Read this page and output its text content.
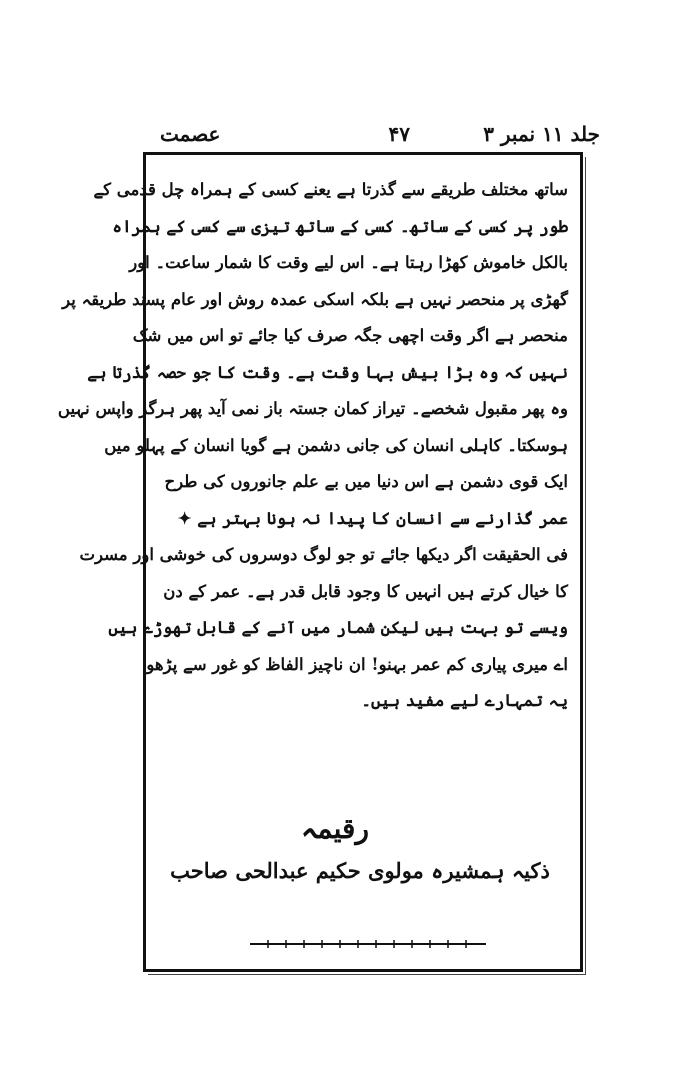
جلد ۱۱ نمبر ۳
۴۷
عصمت
ساتھ مختلف طریقے سے گذرتا ہے یعنے کسی کے ہمراہ چل قدمی کے
طور پر کسی کے ساتھ۔ کسی کے ساتھ تیزی سے کسی کے ہمراہ
بالکل خاموش کھڑا رہتا ہے۔ اس لیے وقت کا شمار ساعت۔ اور
گھڑی پر منحصر نہیں ہے بلکہ اسکی عمدہ روش اور عام پسند طریقہ پر
منحصر ہے اگر وقت اچھی جگہ صرف کیا جائے تو اس میں شک
نہیں کہ وہ بڑا بیش بہا وقت ہے۔ وقت کا جو حصہ گذرتا ہے
وہ پھر مقبول شخصے۔ تیراز کمان جستہ باز نمی آید پھر ہرگز واپس نہیں
ہوسکتا۔ کاہلی انسان کی جانی دشمن ہے گویا انسان کے پہلو میں
ایک قوی دشمن ہے اس دنیا میں بے علم جانوروں کی طرح
عمر گذارنے سے انسان کا پیدا نہ ہونا بہتر ہے ✦
فی الحقیقت اگر دیکھا جائے تو جو لوگ دوسروں کی خوشی اور مسرت
کا خیال کرتے ہیں انہیں کا وجود قابل قدر ہے۔ عمر کے دن
ویسے تو بہت ہیں لیکن شمار میں آنے کے قابل تھوڑے ہیں
اے میری پیاری کم عمر بہنو! ان ناچیز الفاظ کو غور سے پڑھو
یہ تمہارے لیے مفید ہیں۔
رقیمہ
ذکیہ ہمشیرہ مولوی حکیم عبدالحی صاحب
